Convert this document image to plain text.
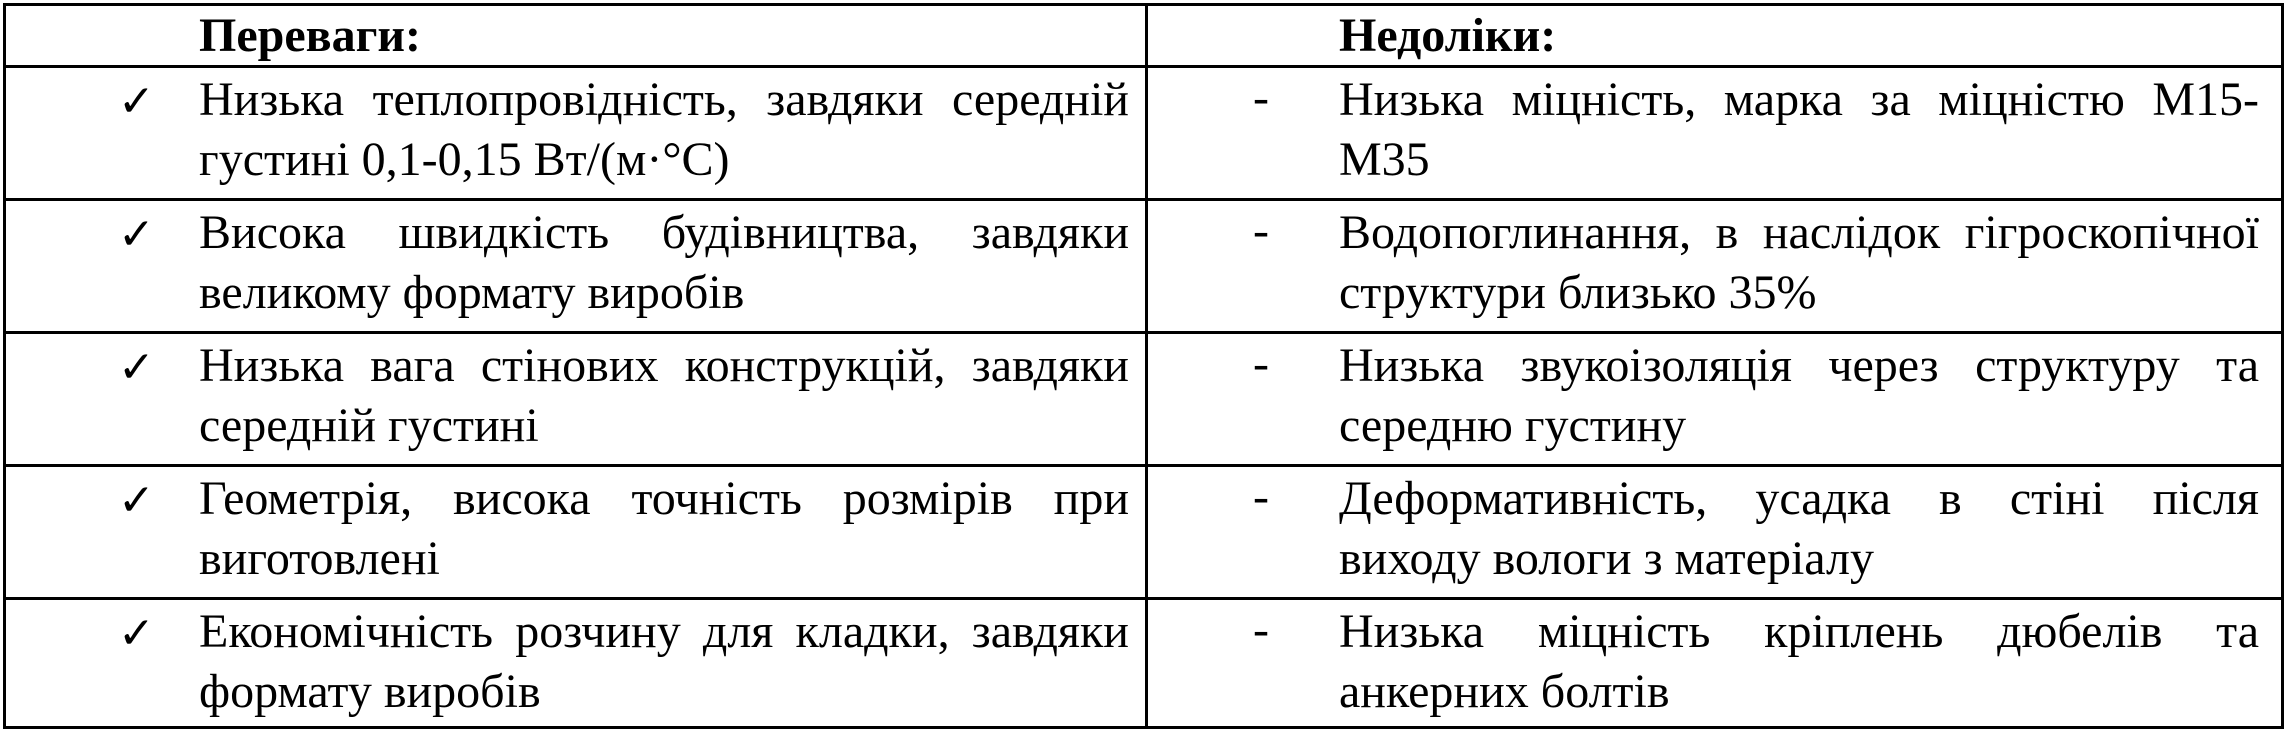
Переваги:	Недоліки:
✓ Низька теплопровідність, завдяки середній густині 0,1-0,15 Вт/(м·°С)
- Низька міцність, марка за міцністю М15-М35
✓ Висока швидкість будівництва, завдяки великому формату виробів
- Водопоглинання, в наслідок гігроскопічної структури близько 35%
✓ Низька вага стінових конструкцій, завдяки середній густині
- Низька звукоізоляція через структуру та середню густину
✓ Геометрія, висока точність розмірів при виготовлені
- Деформативність, усадка в стіні після виходу вологи з матеріалу
✓ Економічність розчину для кладки, завдяки формату виробів
- Низька міцність кріплень дюбелів та анкерних болтів
